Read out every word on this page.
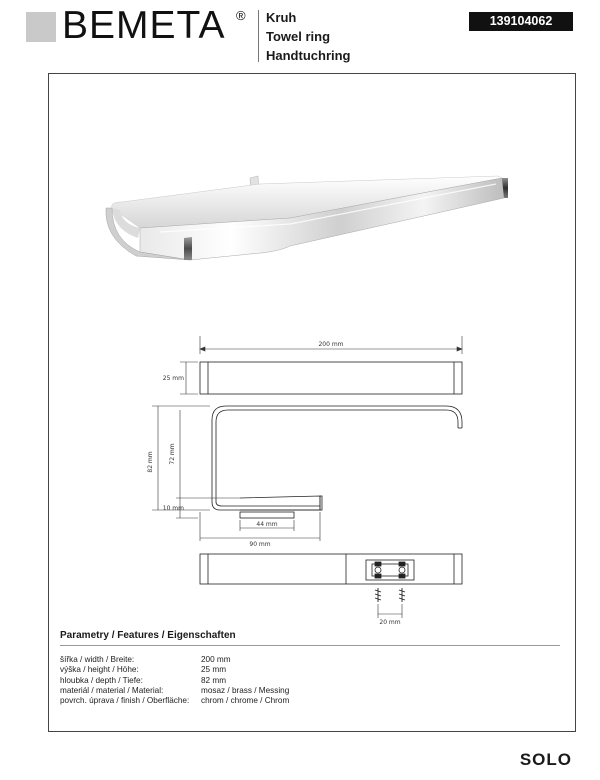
BEMETA ® Kruh
Towel ring
Handtuchring
139104062
200 mm
25 mm
82 mm	72 mm
10 mm
44 mm
90 mm
20 mm
Parametry / Features / Eigenschaften
šířka / width / Breite:	200 mm
výška / height / Höhe:	25 mm
hloubka / depth / Tiefe:	82 mm
materiál / material / Material:	mosaz / brass / Messing
povrch. úprava / finish / Oberfläche:	chrom / chrome / Chrom
SOLO
